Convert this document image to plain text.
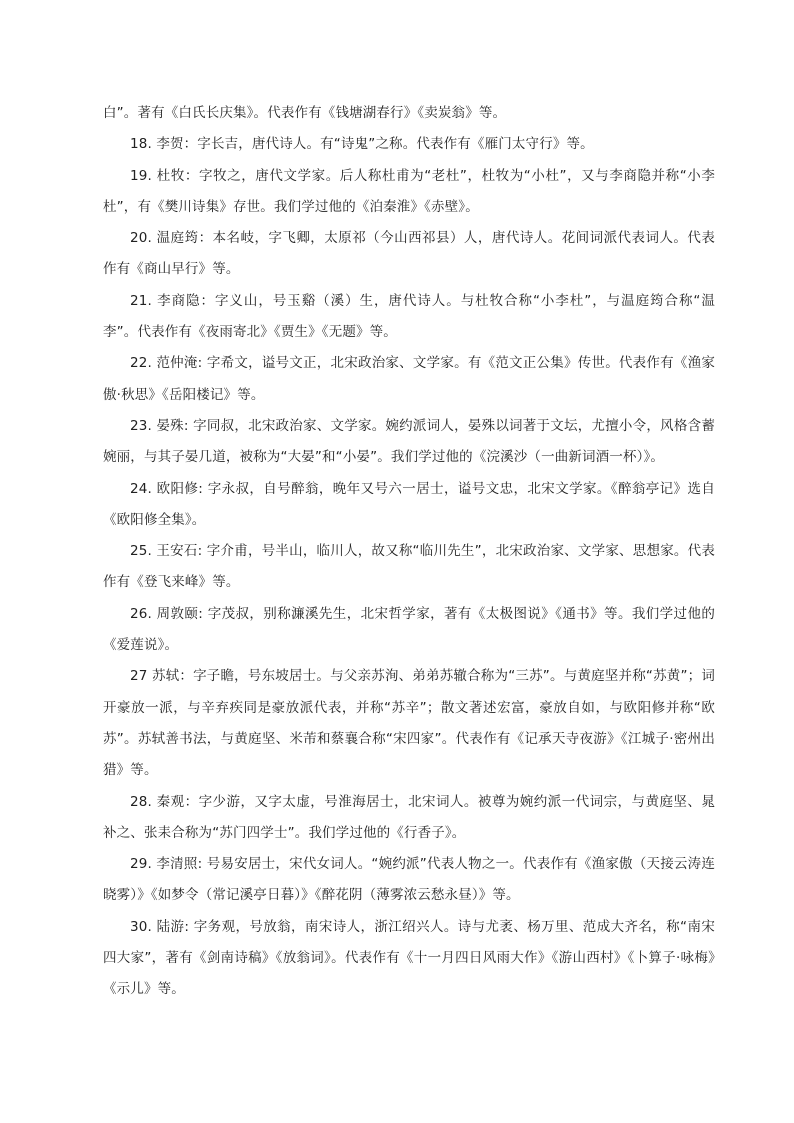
白”。著有《白氏长庆集》。代表作有《钱塘湖春行》《卖炭翁》等。

18. 李贺：字长吉，唐代诗人。有“诗鬼”之称。代表作有《雁门太守行》等。

19. 杜牧：字牧之，唐代文学家。后人称杜甫为“老杜”，杜牧为“小杜”，又与李商隐并称“小李杜”，有《樊川诗集》存世。我们学过他的《泊秦淮》《赤壁》。

20. 温庭筠：本名岐，字飞卿，太原祁（今山西祁县）人，唐代诗人。花间词派代表词人。代表作有《商山早行》等。

21. 李商隐：字义山，号玉谿（溪）生，唐代诗人。与杜牧合称“小李杜”，与温庭筠合称“温李”。代表作有《夜雨寄北》《贾生》《无题》等。

22. 范仲淹: 字希文，谥号文正，北宋政治家、文学家。有《范文正公集》传世。代表作有《渔家傲·秋思》《岳阳楼记》等。

23. 晏殊: 字同叔，北宋政治家、文学家。婉约派词人，晏殊以词著于文坛，尤擅小令，风格含蓄婉丽，与其子晏几道，被称为“大晏”和“小晏”。我们学过他的《浣溪沙（一曲新词酒一杯）》。

24. 欧阳修: 字永叔，自号醉翁，晚年又号六一居士，谥号文忠，北宋文学家。《醉翁亭记》选自《欧阳修全集》。

25. 王安石: 字介甫，号半山，临川人，故又称“临川先生”，北宋政治家、文学家、思想家。代表作有《登飞来峰》等。

26. 周敦颐: 字茂叔，别称濂溪先生，北宋哲学家，著有《太极图说》《通书》等。我们学过他的《爱莲说》。

27 苏轼：字子瞻，号东坡居士。与父亲苏洵、弟弟苏辙合称为“三苏”。与黄庭坚并称“苏黄”；词开豪放一派，与辛弃疾同是豪放派代表，并称“苏辛”；散文著述宏富，豪放自如，与欧阳修并称“欧苏”。苏轼善书法，与黄庭坚、米芾和蔡襄合称“宋四家”。代表作有《记承天寺夜游》《江城子·密州出猎》等。

28. 秦观：字少游，又字太虚，号淮海居士，北宋词人。被尊为婉约派一代词宗，与黄庭坚、晁补之、张耒合称为“苏门四学士”。我们学过他的《行香子》。

29. 李清照: 号易安居士，宋代女词人。“婉约派”代表人物之一。代表作有《渔家傲（天接云涛连晓雾）》《如梦令（常记溪亭日暮）》《醉花阴（薄雾浓云愁永昼）》等。

30. 陆游: 字务观，号放翁，南宋诗人，浙江绍兴人。诗与尤袤、杨万里、范成大齐名，称“南宋四大家”，著有《剑南诗稿》《放翁词》。代表作有《十一月四日风雨大作》《游山西村》《卜算子·咏梅》《示儿》等。
